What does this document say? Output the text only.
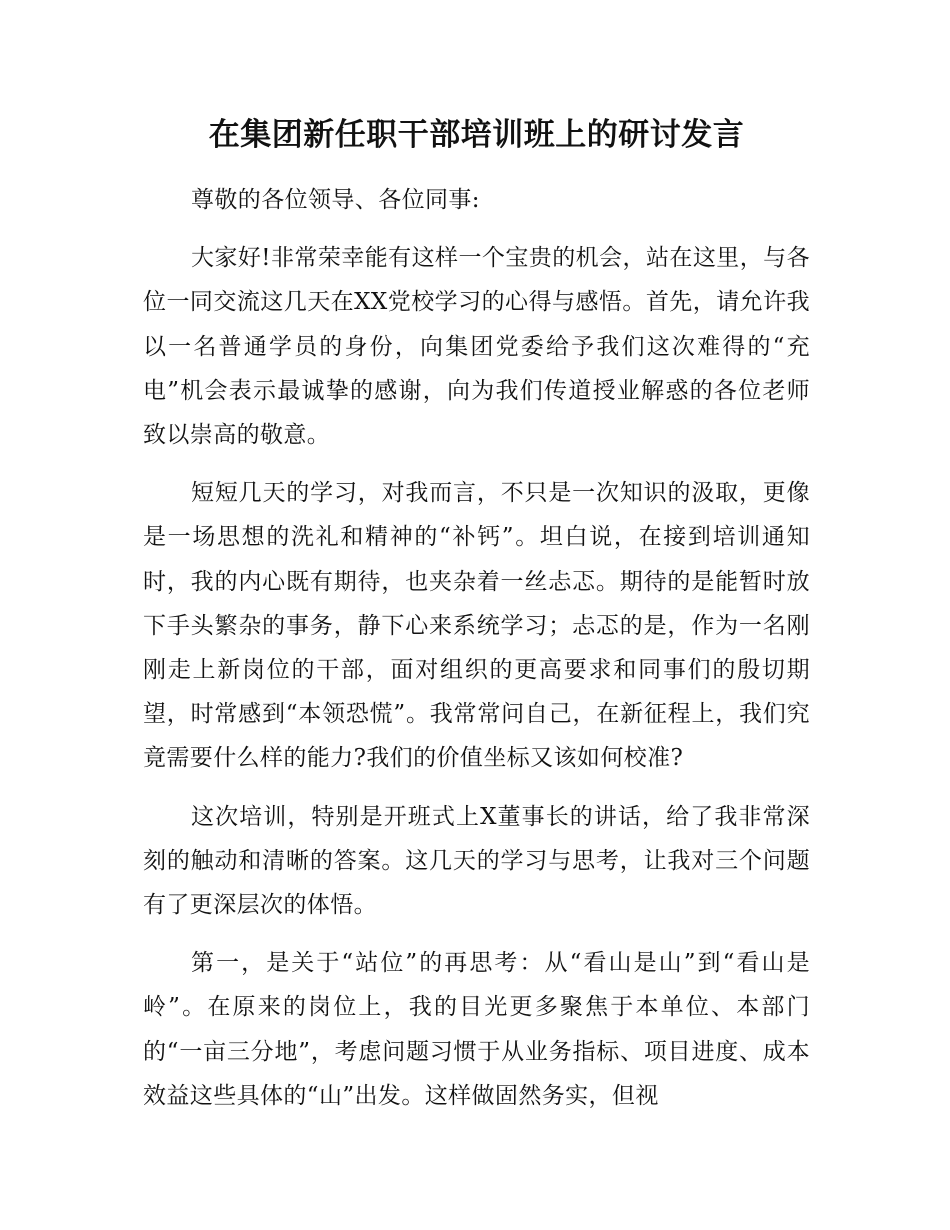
在集团新任职干部培训班上的研讨发言

尊敬的各位领导、各位同事:

大家好!非常荣幸能有这样一个宝贵的机会，站在这里，与各位一同交流这几天在XX党校学习的心得与感悟。首先，请允许我以一名普通学员的身份，向集团党委给予我们这次难得的“充电”机会表示最诚挚的感谢，向为我们传道授业解惑的各位老师致以崇高的敬意。

短短几天的学习，对我而言，不只是一次知识的汲取，更像是一场思想的洗礼和精神的“补钙”。坦白说，在接到培训通知时，我的内心既有期待，也夹杂着一丝忐忑。期待的是能暂时放下手头繁杂的事务，静下心来系统学习；忐忑的是，作为一名刚刚走上新岗位的干部，面对组织的更高要求和同事们的殷切期望，时常感到“本领恐慌”。我常常问自己，在新征程上，我们究竟需要什么样的能力?我们的价值坐标又该如何校准?

这次培训，特别是开班式上X董事长的讲话，给了我非常深刻的触动和清晰的答案。这几天的学习与思考，让我对三个问题有了更深层次的体悟。

第一，是关于“站位”的再思考：从“看山是山”到“看山是岭”。在原来的岗位上，我的目光更多聚焦于本单位、本部门的“一亩三分地”，考虑问题习惯于从业务指标、项目进度、成本效益这些具体的“山”出发。这样做固然务实，但视
